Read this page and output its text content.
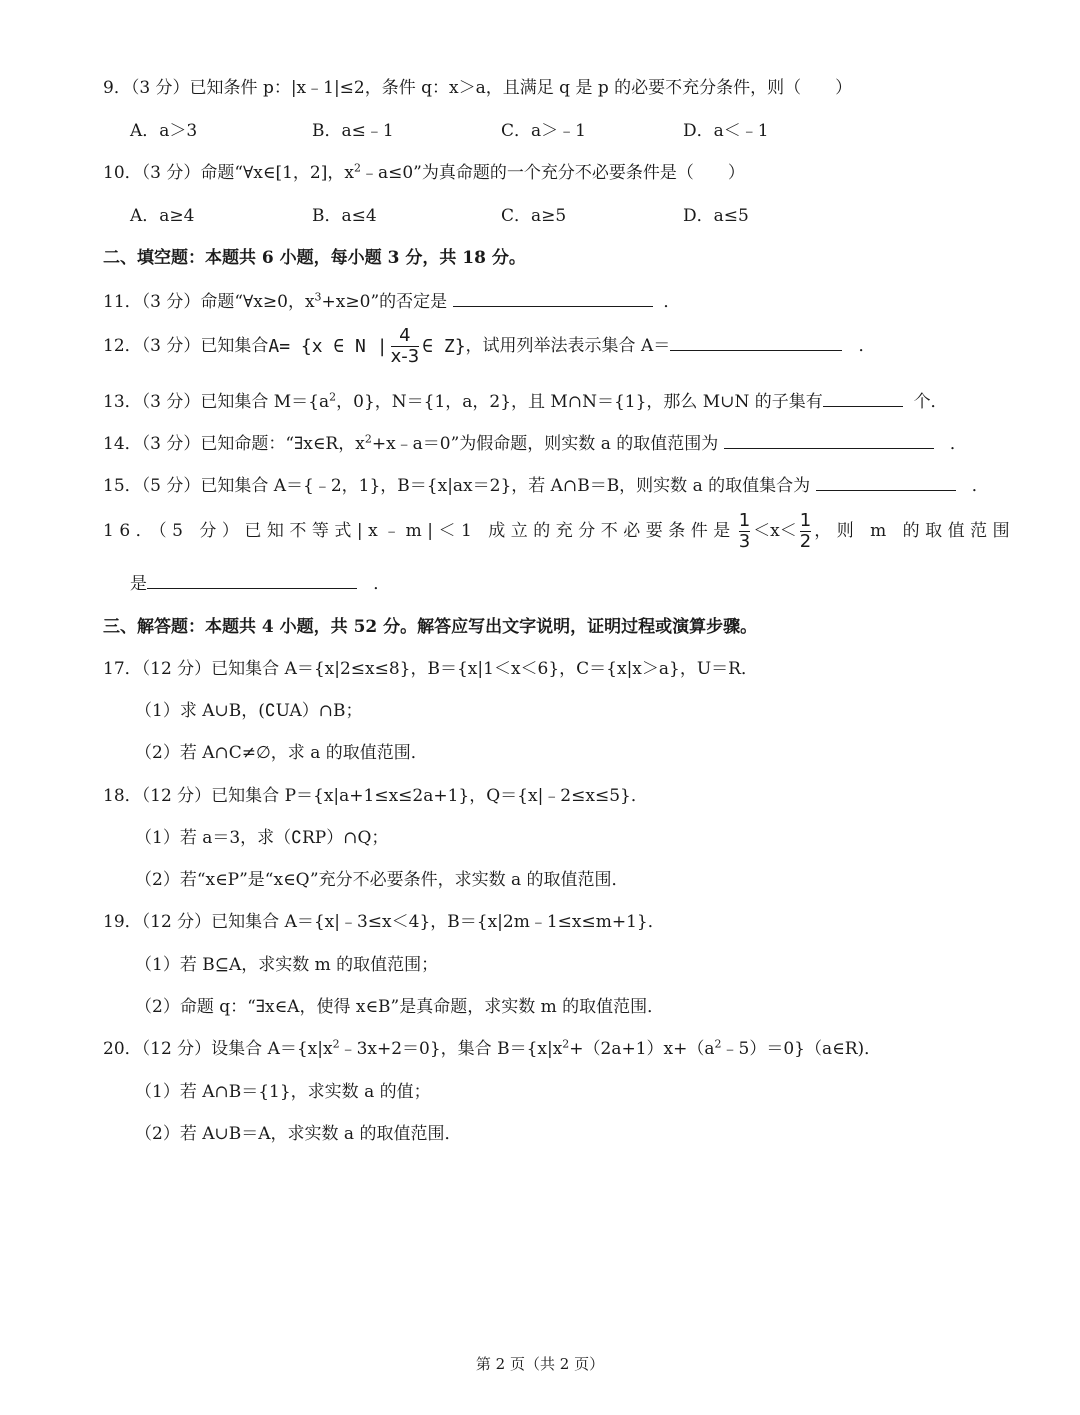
9．（3 分）已知条件 p：|x﹣1|≤2，条件 q：x＞a，且满足 q 是 p 的必要不充分条件，则（　　）
A．a＞3	B．a≤﹣1	C．a＞﹣1	D．a＜﹣1
10．（3 分）命题“∀x∈[1，2]，$x^2﹣a\le 0$”为真命题的一个充分不必要条件是（　　）
A．a≥4	B．a≤4	C．a≥5	D．a≤5
二、填空题：本题共 6 小题，每小题 3 分，共 18 分。
11．（3 分）命题“∀x≥0，$x^3+x\ge 0$”的否定是	．
12．（3 分）已知集合 A= {x ∈ N | $\frac{4}{x-3}$ ∈ Z} ，试用列举法表示集合 A＝	．
13．（3 分）已知集合 $M=\{a^2$，0}，N＝{1，a，2}，且 M∩N＝{1}，那么 M∪N 的子集有	个．
14．（3 分）已知命题：“∃x∈R，$x^2+x﹣a=0$”为假命题，则实数 a 的取值范围为	．
15．（5 分）已知集合 A＝{﹣2，1}，B＝{x|ax＝2}，若 A∩B＝B，则实数 a 的取值集合为	．
16．（5 分）已知不等式|x﹣m|＜1 成立的充分不必要条件是 $\frac{1}{3} <x< \frac{1}{2}$ ，则 m 的取值范围
是	．
三、解答题：本题共 4 小题，共 52 分。解答应写出文字说明，证明过程或演算步骤。
17．（12 分）已知集合 A＝{x|2≤x≤8}，B＝{x|1＜x＜6}，C＝{x|x＞a}，U＝R．
（1）求 A∪B，(∁UA）∩B；
（2）若 A∩C≠∅，求 a 的取值范围．
18．（12 分）已知集合 P＝{x|a+1≤x≤2a+1}，Q＝{x|﹣2≤x≤5}．
（1）若 a＝3，求（∁RP）∩Q；
（2）若“x∈P”是“x∈Q”充分不必要条件，求实数 a 的取值范围．
19．（12 分）已知集合 A＝{x|﹣3≤x＜4}，B＝{x|2m﹣1≤x≤m+1}．
（1）若 B⊆A，求实数 m 的取值范围；
（2）命题 q：“∃x∈A，使得 x∈B”是真命题，求实数 m 的取值范围．
20．（12 分）设集合 $A=\{x|x^2﹣3x+2=0\}$，集合 $B=\{x|x^2+(2a+1)x+(a^2﹣5)=0\}(a\in R)$．
（1）若 A∩B＝{1}，求实数 a 的值；
（2）若 A∪B＝A，求实数 a 的取值范围．
第 2 页（共 2 页）
